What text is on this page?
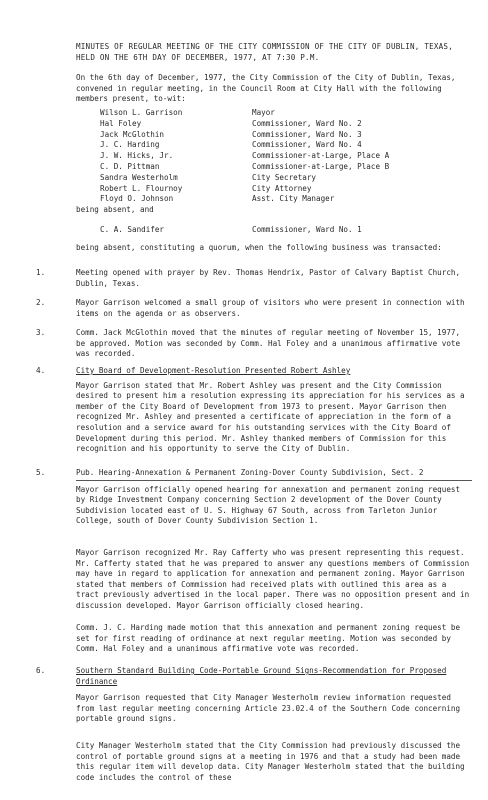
MINUTES OF REGULAR MEETING OF THE CITY COMMISSION OF THE CITY OF DUBLIN, TEXAS, HELD ON THE 6TH DAY OF DECEMBER, 1977, AT 7:30 P.M.
On the 6th day of December, 1977, the City Commission of the City of Dublin, Texas, convened in regular meeting, in the Council Room at City Hall with the following members present, to-wit:
Wilson L. Garrison	Mayor
Hal Foley	Commissioner, Ward No. 2
Jack McGlothin	Commissioner, Ward No. 3
J. C. Harding	Commissioner, Ward No. 4
J. W. Hicks, Jr.	Commissioner-at-Large, Place A
C. D. Pittman	Commissioner-at-Large, Place B
Sandra Westerholm	City Secretary
Robert L. Flournoy	City Attorney
Floyd O. Johnson	Asst. City Manager
being absent, and
C. A. Sandifer	Commissioner, Ward No. 1
being absent, constituting a quorum, when the following business was transacted:
1.	Meeting opened with prayer by Rev. Thomas Hendrix, Pastor of Calvary Baptist Church, Dublin, Texas.
2.	Mayor Garrison welcomed a small group of visitors who were present in connection with items on the agenda or as observers.
3.	Comm. Jack McGlothin moved that the minutes of regular meeting of November 15, 1977, be approved. Motion was seconded by Comm. Hal Foley and a unanimous affirmative vote was recorded.
4.	City Board of Development-Resolution Presented Robert Ashley
Mayor Garrison stated that Mr. Robert Ashley was present and the City Commission desired to present him a resolution expressing its appreciation for his services as a member of the City Board of Development from 1973 to present. Mayor Garrison then recognized Mr. Ashley and presented a certificate of appreciation in the form of a resolution and a service award for his outstanding services with the City Board of Development during this period. Mr. Ashley thanked members of Commission for this recognition and his opportunity to serve the City of Dublin.
5.	Pub. Hearing-Annexation & Permanent Zoning-Dover County Subdivision, Sect. 2
Mayor Garrison officially opened hearing for annexation and permanent zoning request by Ridge Investment Company concerning Section 2 development of the Dover County Subdivision located east of U. S. Highway 67 South, across from Tarleton Junior College, south of Dover County Subdivision Section 1.
Mayor Garrison recognized Mr. Ray Cafferty who was present representing this request. Mr. Cafferty stated that he was prepared to answer any questions members of Commission may have in regard to application for annexation and permanent zoning. Mayor Garrison stated that members of Commission had received plats with outlined this area as a tract previously advertised in the local paper. There was no opposition present and in discussion developed. Mayor Garrison officially closed hearing.
Comm. J. C. Harding made motion that this annexation and permanent zoning request be set for first reading of ordinance at next regular meeting. Motion was seconded by Comm. Hal Foley and a unanimous affirmative vote was recorded.
6.	Southern Standard Building Code-Portable Ground Signs-Recommendation for Proposed Ordinance
Mayor Garrison requested that City Manager Westerholm review information requested from last regular meeting concerning Article 23.02.4 of the Southern Code concerning portable ground signs.
City Manager Westerholm stated that the City Commission had previously discussed the control of portable ground signs at a meeting in 1976 and that a study had been made this regular item will develop data. City Manager Westerholm stated that the building code includes the control of these
